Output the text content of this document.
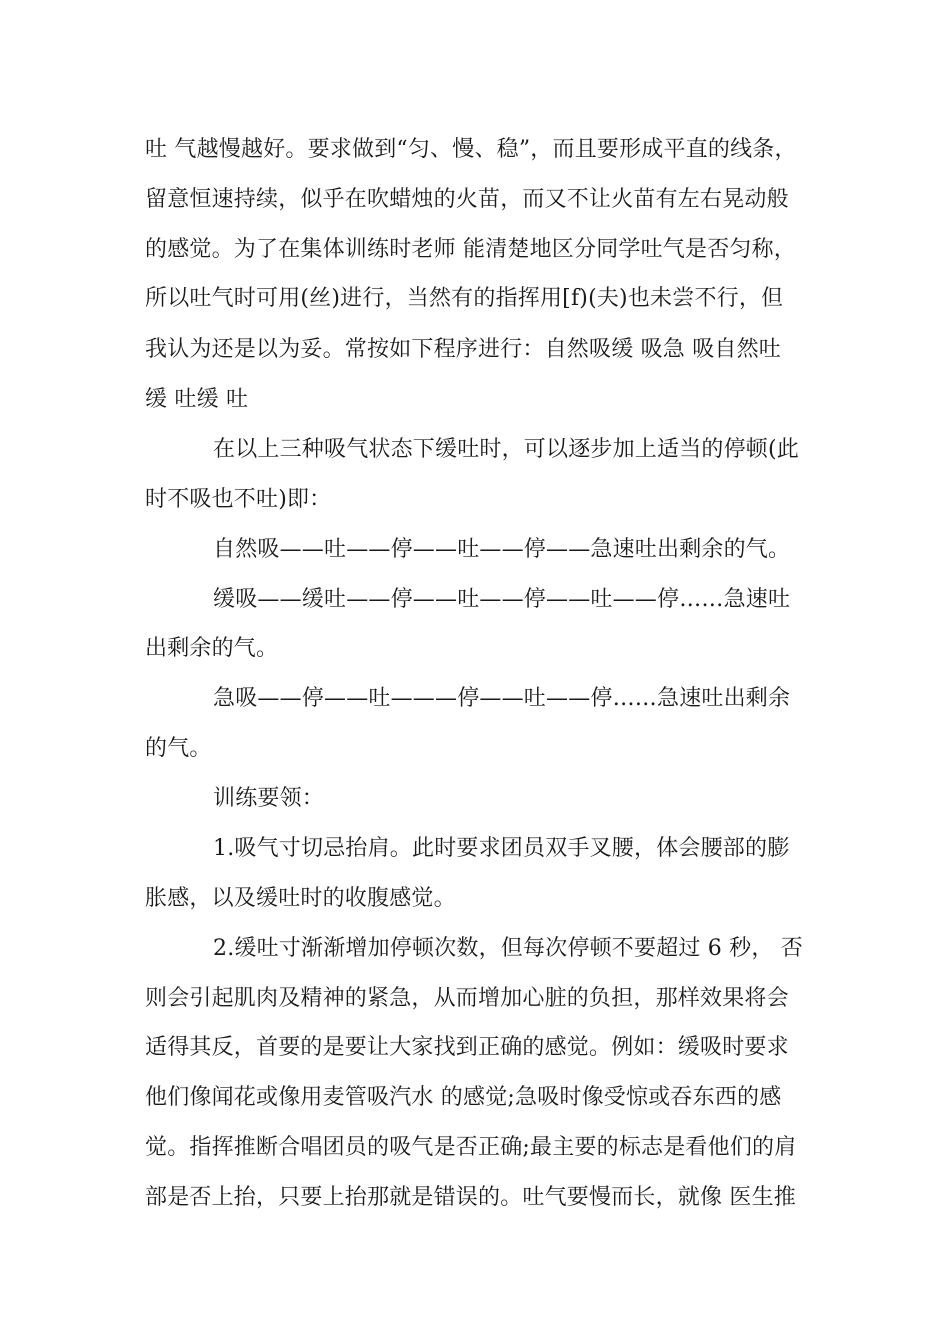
吐 气越慢越好。要求做到“匀、慢、稳”，而且要形成平直的线条，
留意恒速持续，似乎在吹蜡烛的火苗，而又不让火苗有左右晃动般
的感觉。为了在集体训练时老师 能清楚地区分同学吐气是否匀称，
所以吐气时可用(丝)进行，当然有的指挥用[f)(夫)也未尝不行，但
我认为还是以为妥。常按如下程序进行：自然吸缓 吸急 吸自然吐
缓 吐缓 吐
在以上三种吸气状态下缓吐时，可以逐步加上适当的停顿(此
时不吸也不吐)即：
自然吸——吐——停——吐——停——急速吐出剩余的气。
缓吸——缓吐——停——吐——停——吐——停……急速吐
出剩余的气。
急吸——停——吐———停——吐——停……急速吐出剩余
的气。
训练要领：
1.吸气寸切忌抬肩。此时要求团员双手叉腰，体会腰部的膨
胀感，以及缓吐时的收腹感觉。
2.缓吐寸渐渐增加停顿次数，但每次停顿不要超过 6 秒， 否
则会引起肌肉及精神的紧急，从而增加心脏的负担，那样效果将会
适得其反，首要的是要让大家找到正确的感觉。例如：缓吸时要求
他们像闻花或像用麦管吸汽水 的感觉;急吸时像受惊或吞东西的感
觉。指挥推断合唱团员的吸气是否正确;最主要的标志是看他们的肩
部是否上抬，只要上抬那就是错误的。吐气要慢而长，就像 医生推
